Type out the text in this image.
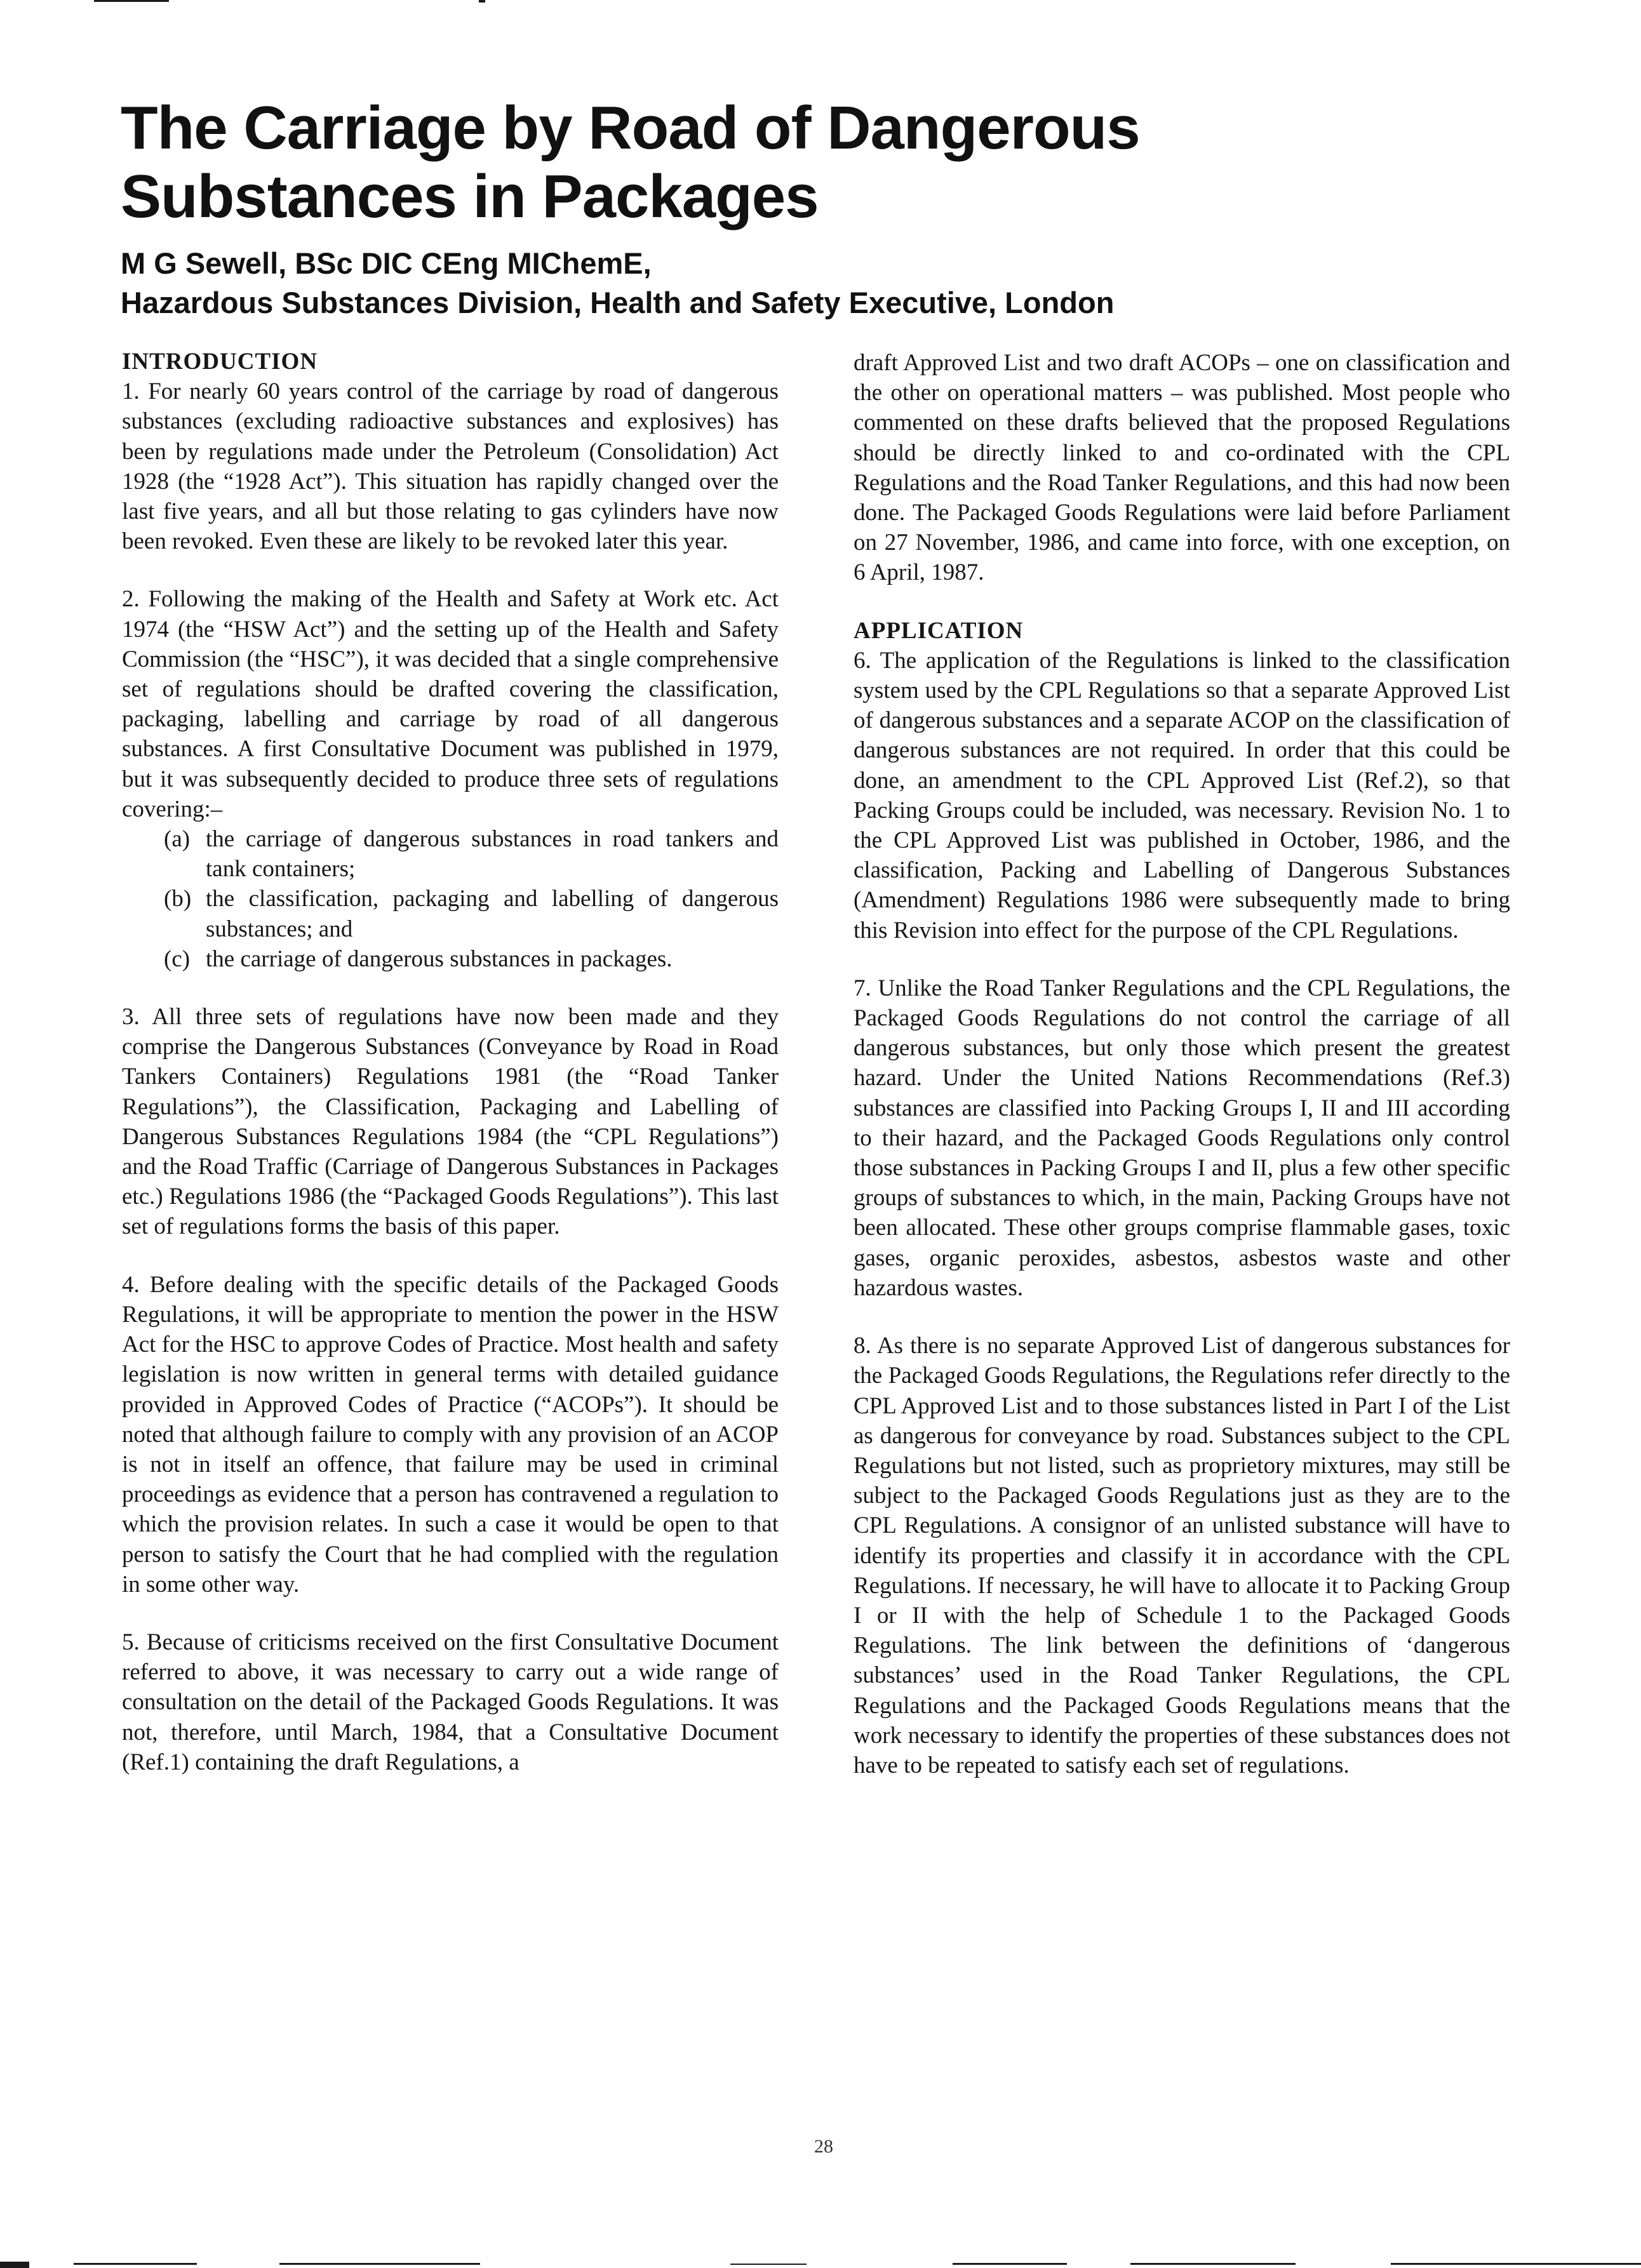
The Carriage by Road of Dangerous
Substances in Packages
M G Sewell, BSc DIC CEng MIChemE,
Hazardous Substances Division, Health and Safety Executive, London

INTRODUCTION

1. For nearly 60 years control of the carriage by road of dangerous substances (excluding radioactive substances and explosives) has been by regulations made under the Petroleum (Consolidation) Act 1928 (the “1928 Act”). This situation has rapidly changed over the last five years, and all but those relating to gas cylinders have now been revoked. Even these are likely to be revoked later this year.

2. Following the making of the Health and Safety at Work etc. Act 1974 (the “HSW Act”) and the setting up of the Health and Safety Commission (the “HSC”), it was decided that a single comprehensive set of regulations should be drafted covering the classification, packaging, labelling and carriage by road of all dangerous substances. A first Consultative Document was published in 1979, but it was subsequently decided to produce three sets of regulations covering:–

(a) the carriage of dangerous substances in road tankers and tank containers;
(b) the classification, packaging and labelling of dangerous substances; and
(c) the carriage of dangerous substances in packages.

3. All three sets of regulations have now been made and they comprise the Dangerous Substances (Conveyance by Road in Road Tankers Containers) Regulations 1981 (the “Road Tanker Regulations”), the Classification, Packaging and Labelling of Dangerous Substances Regulations 1984 (the “CPL Regulations”) and the Road Traffic (Carriage of Dangerous Substances in Packages etc.) Regulations 1986 (the “Packaged Goods Regulations”). This last set of regulations forms the basis of this paper.

4. Before dealing with the specific details of the Packaged Goods Regulations, it will be appropriate to mention the power in the HSW Act for the HSC to approve Codes of Practice. Most health and safety legislation is now written in general terms with detailed guidance provided in Approved Codes of Practice (“ACOPs”). It should be noted that although failure to comply with any provision of an ACOP is not in itself an offence, that failure may be used in criminal proceedings as evidence that a person has contravened a regulation to which the provision relates. In such a case it would be open to that person to satisfy the Court that he had complied with the regulation in some other way.

5. Because of criticisms received on the first Consultative Document referred to above, it was necessary to carry out a wide range of consultation on the detail of the Packaged Goods Regulations. It was not, therefore, until March, 1984, that a Consultative Document (Ref.1) containing the draft Regulations, a

draft Approved List and two draft ACOPs – one on classification and the other on operational matters – was published. Most people who commented on these drafts believed that the proposed Regulations should be directly linked to and co-ordinated with the CPL Regulations and the Road Tanker Regulations, and this had now been done. The Packaged Goods Regulations were laid before Parliament on 27 November, 1986, and came into force, with one exception, on 6 April, 1987.

APPLICATION

6. The application of the Regulations is linked to the classification system used by the CPL Regulations so that a separate Approved List of dangerous substances and a separate ACOP on the classification of dangerous substances are not required. In order that this could be done, an amendment to the CPL Approved List (Ref.2), so that Packing Groups could be included, was necessary. Revision No. 1 to the CPL Approved List was published in October, 1986, and the classification, Packing and Labelling of Dangerous Substances (Amendment) Regulations 1986 were subsequently made to bring this Revision into effect for the purpose of the CPL Regulations.

7. Unlike the Road Tanker Regulations and the CPL Regulations, the Packaged Goods Regulations do not control the carriage of all dangerous substances, but only those which present the greatest hazard. Under the United Nations Recommendations (Ref.3) substances are classified into Packing Groups I, II and III according to their hazard, and the Packaged Goods Regulations only control those substances in Packing Groups I and II, plus a few other specific groups of substances to which, in the main, Packing Groups have not been allocated. These other groups comprise flammable gases, toxic gases, organic peroxides, asbestos, asbestos waste and other hazardous wastes.

8. As there is no separate Approved List of dangerous substances for the Packaged Goods Regulations, the Regulations refer directly to the CPL Approved List and to those substances listed in Part I of the List as dangerous for conveyance by road. Substances subject to the CPL Regulations but not listed, such as proprietory mixtures, may still be subject to the Packaged Goods Regulations just as they are to the CPL Regulations. A consignor of an unlisted substance will have to identify its properties and classify it in accordance with the CPL Regulations. If necessary, he will have to allocate it to Packing Group I or II with the help of Schedule 1 to the Packaged Goods Regulations. The link between the definitions of ‘dangerous substances’ used in the Road Tanker Regulations, the CPL Regulations and the Packaged Goods Regulations means that the work necessary to identify the properties of these substances does not have to be repeated to satisfy each set of regulations.

28
